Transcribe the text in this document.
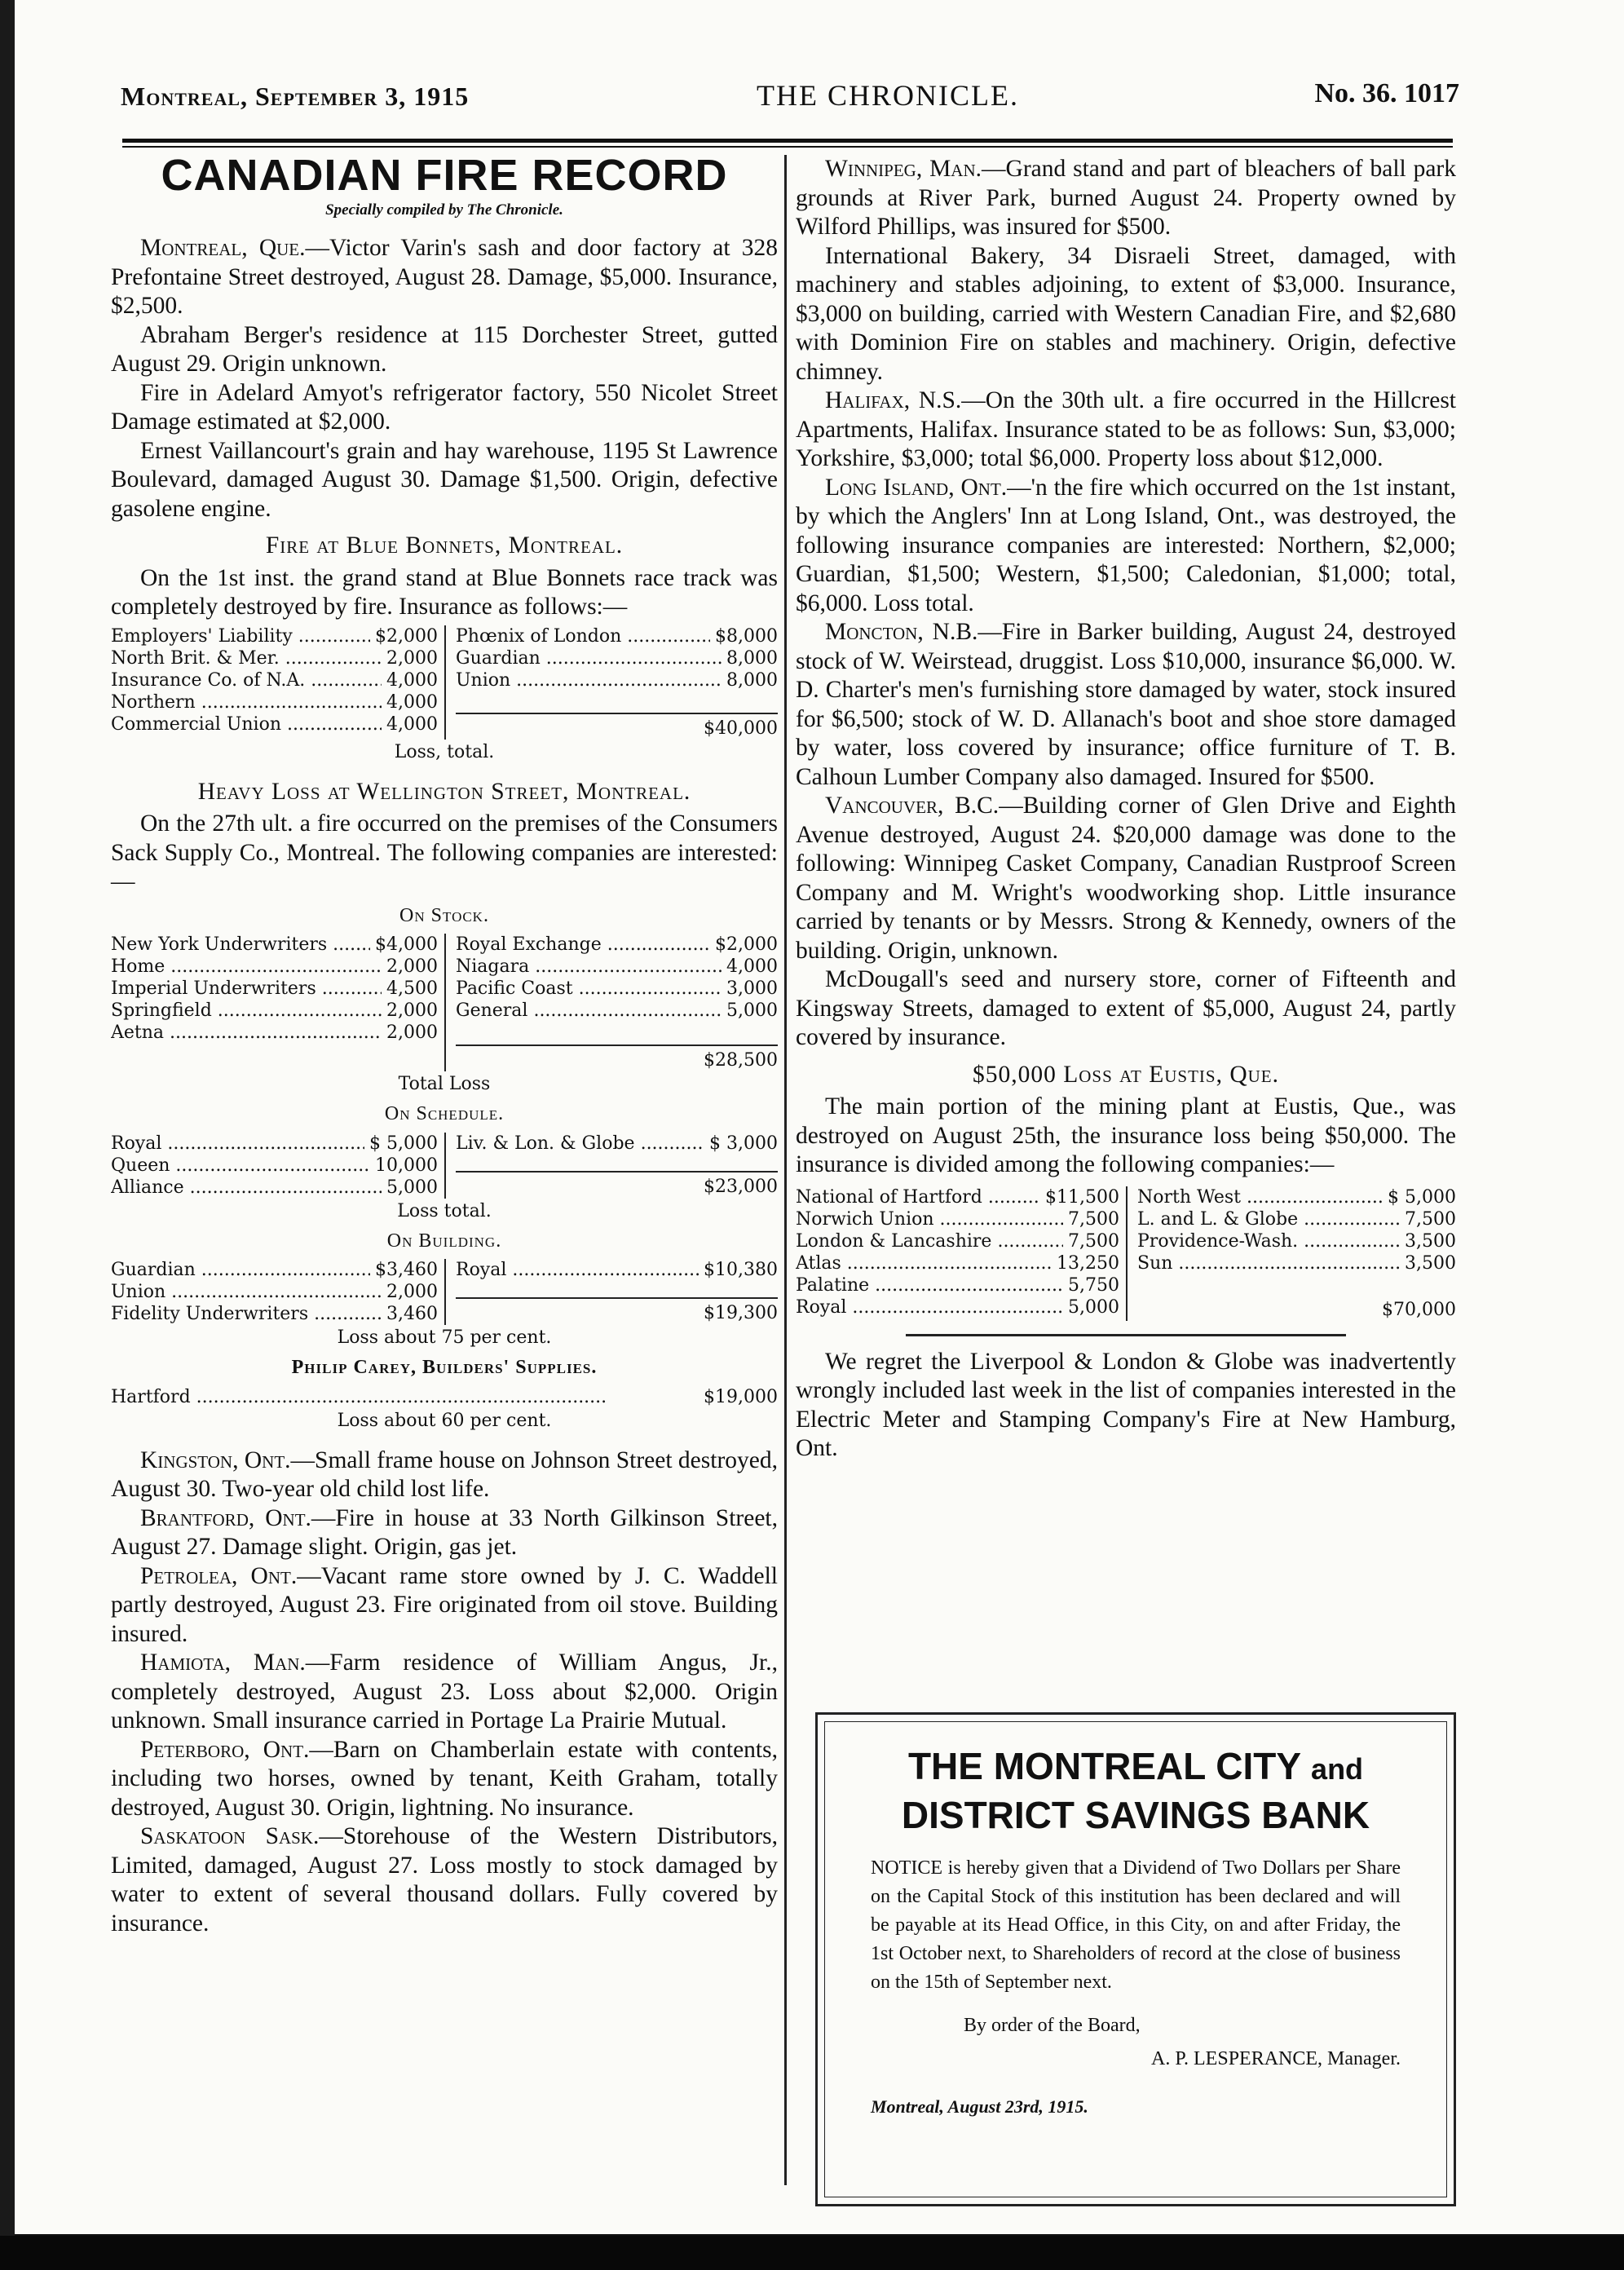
Montreal, September 3, 1915	THE CHRONICLE.	No. 36. 1017
CANADIAN FIRE RECORD
Specially compiled by The Chronicle.

Montreal, Que.—Victor Varin's sash and door factory at 328 Prefontaine Street destroyed, August 28. Damage, $5,000. Insurance, $2,500.

Abraham Berger's residence at 115 Dorchester Street, gutted August 29. Origin unknown.

Fire in Adelard Amyot's refrigerator factory, 550 Nicolet Street Damage estimated at $2,000.

Ernest Vaillancourt's grain and hay warehouse, 1195 St Lawrence Boulevard, damaged August 30. Damage $1,500. Origin, defective gasolene engine.

Fire at Blue Bonnets, Montreal.

On the 1st inst. the grand stand at Blue Bonnets race track was completely destroyed by fire. Insurance as follows:—

Employers' Liability .....	$2,000
North Brit. & Mer. .....	2,000
Insurance Co. of N.A. .....	4,000
Northern .....	4,000
Commercial Union .....	4,000
Phœnix of London .....	$8,000
Guardian .....	8,000
Union .....	8,000
$40,000
Loss, total.
Heavy Loss at Wellington Street, Montreal.

On the 27th ult. a fire occurred on the premises of the Consumers Sack Supply Co., Montreal. The following companies are interested:—

On Stock.
New York Underwriters .....	$4,000
Home .....	2,000
Imperial Underwriters .....	4,500
Springfield .....	2,000
Aetna .....	2,000
Royal Exchange .....	$2,000
Niagara .....	4,000
Pacific Coast .....	3,000
General .....	5,000
$28,500
Total Loss
On Schedule.
Royal .....	$ 5,000
Queen .....	10,000
Alliance .....	5,000
Liv. & Lon. & Globe .....	$ 3,000
$23,000
Loss total.
On Building.
Guardian .....	$3,460
Union .....	2,000
Fidelity Underwriters .....	3,460
Royal .....	$10,380
$19,300
Loss about 75 per cent.
Philip Carey, Builders' Supplies.
Hartford .....	$19,000
Loss about 60 per cent.

Kingston, Ont.—Small frame house on Johnson Street destroyed, August 30. Two-year old child lost life.

Brantford, Ont.—Fire in house at 33 North Gilkinson Street, August 27. Damage slight. Origin, gas jet.

Petrolea, Ont.—Vacant rame store owned by J. C. Waddell partly destroyed, August 23. Fire originated from oil stove. Building insured.

Hamiota, Man.—Farm residence of William Angus, Jr., completely destroyed, August 23. Loss about $2,000. Origin unknown. Small insurance carried in Portage La Prairie Mutual.

Peterboro, Ont.—Barn on Chamberlain estate with contents, including two horses, owned by tenant, Keith Graham, totally destroyed, August 30. Origin, lightning. No insurance.

Saskatoon Sask.—Storehouse of the Western Distributors, Limited, damaged, August 27. Loss mostly to stock damaged by water to extent of several thousand dollars. Fully covered by insurance.

Winnipeg, Man.—Grand stand and part of bleachers of ball park grounds at River Park, burned August 24. Property owned by Wilford Phillips, was insured for $500.

International Bakery, 34 Disraeli Street, damaged, with machinery and stables adjoining, to extent of $3,000. Insurance, $3,000 on building, carried with Western Canadian Fire, and $2,680 with Dominion Fire on stables and machinery. Origin, defective chimney.

Halifax, N.S.—On the 30th ult. a fire occurred in the Hillcrest Apartments, Halifax. Insurance stated to be as follows: Sun, $3,000; Yorkshire, $3,000; total $6,000. Property loss about $12,000.

Long Island, Ont.—'n the fire which occurred on the 1st instant, by which the Anglers' Inn at Long Island, Ont., was destroyed, the following insurance companies are interested: Northern, $2,000; Guardian, $1,500; Western, $1,500; Caledonian, $1,000; total, $6,000. Loss total.

Moncton, N.B.—Fire in Barker building, August 24, destroyed stock of W. Weirstead, druggist. Loss $10,000, insurance $6,000. W. D. Charter's men's furnishing store damaged by water, stock insured for $6,500; stock of W. D. Allanach's boot and shoe store damaged by water, loss covered by insurance; office furniture of T. B. Calhoun Lumber Company also damaged. Insured for $500.

Vancouver, B.C.—Building corner of Glen Drive and Eighth Avenue destroyed, August 24. $20,000 damage was done to the following: Winnipeg Casket Company, Canadian Rustproof Screen Company and M. Wright's woodworking shop. Little insurance carried by tenants or by Messrs. Strong & Kennedy, owners of the building. Origin, unknown.

McDougall's seed and nursery store, corner of Fifteenth and Kingsway Streets, damaged to extent of $5,000, August 24, partly covered by insurance.

$50,000 Loss at Eustis, Que.

The main portion of the mining plant at Eustis, Que., was destroyed on August 25th, the insurance loss being $50,000. The insurance is divided among the following companies:—

National of Hartford .....	$11,500
Norwich Union .....	7,500
London & Lancashire .....	7,500
Atlas .....	13,250
Palatine .....	5,750
Royal .....	5,000
North West .....	$ 5,000
L. and L. & Globe .....	7,500
Providence-Wash. .....	3,500
Sun .....	3,500
$70,000

We regret the Liverpool & London & Globe was inadvertently wrongly included last week in the list of companies interested in the Electric Meter and Stamping Company's Fire at New Hamburg, Ont.

THE MONTREAL CITY and
DISTRICT SAVINGS BANK
NOTICE is hereby given that a Dividend of Two Dollars per Share on the Capital Stock of this institution has been declared and will be payable at its Head Office, in this City, on and after Friday, the 1st October next, to Shareholders of record at the close of business on the 15th of September next.
By order of the Board,
A. P. LESPERANCE, Manager.
Montreal, August 23rd, 1915.
